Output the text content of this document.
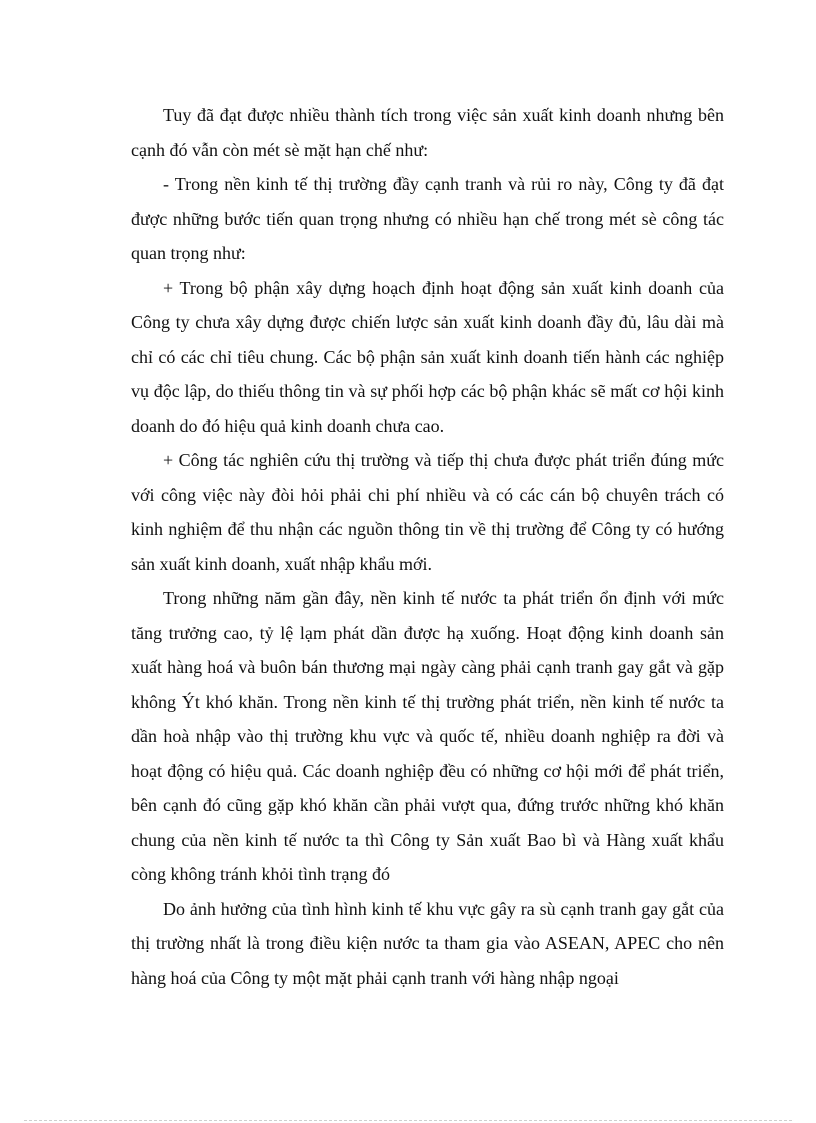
Tuy đã đạt được nhiều thành tích trong việc sản xuất kinh doanh nhưng bên cạnh đó vẫn còn mét sè mặt hạn chế như:

- Trong nền kinh tế thị trường đầy cạnh tranh và rủi ro này, Công ty đã đạt được những bước tiến quan trọng nhưng có nhiều hạn chế trong mét sè công tác quan trọng như:

+ Trong bộ phận xây dựng hoạch định hoạt động sản xuất kinh doanh của Công ty chưa xây dựng được chiến lược sản xuất kinh doanh đầy đủ, lâu dài mà chỉ có các chỉ tiêu chung. Các bộ phận sản xuất kinh doanh tiến hành các nghiệp vụ độc lập, do thiếu thông tin và sự phối hợp các bộ phận khác sẽ mất cơ hội kinh doanh do đó hiệu quả kinh doanh chưa cao.

+ Công tác nghiên cứu thị trường và tiếp thị chưa được phát triển đúng mức với công việc này đòi hỏi phải chi phí nhiều và có các cán bộ chuyên trách có kinh nghiệm để thu nhận các nguồn thông tin về thị trường để Công ty có hướng sản xuất kinh doanh, xuất nhập khẩu mới.

Trong những năm gần đây, nền kinh tế nước ta phát triển ổn định với mức tăng trưởng cao, tỷ lệ lạm phát dần được hạ xuống. Hoạt động kinh doanh sản xuất hàng hoá và buôn bán thương mại ngày càng phải cạnh tranh gay gắt và gặp không Ýt khó khăn. Trong nền kinh tế thị trường phát triển, nền kinh tế nước ta dần hoà nhập vào thị trường khu vực và quốc tế, nhiều doanh nghiệp ra đời và hoạt động có hiệu quả. Các doanh nghiệp đều có những cơ hội mới để phát triển, bên cạnh đó cũng gặp khó khăn cần phải vượt qua, đứng trước những khó khăn chung của nền kinh tế nước ta thì Công ty Sản xuất Bao bì và Hàng xuất khẩu còng không tránh khỏi tình trạng đó

Do ảnh hưởng của tình hình kinh tế khu vực gây ra sù cạnh tranh gay gắt của thị trường nhất là trong điều kiện nước ta tham gia vào ASEAN, APEC cho nên hàng hoá của Công ty một mặt phải cạnh tranh với hàng nhập ngoại
